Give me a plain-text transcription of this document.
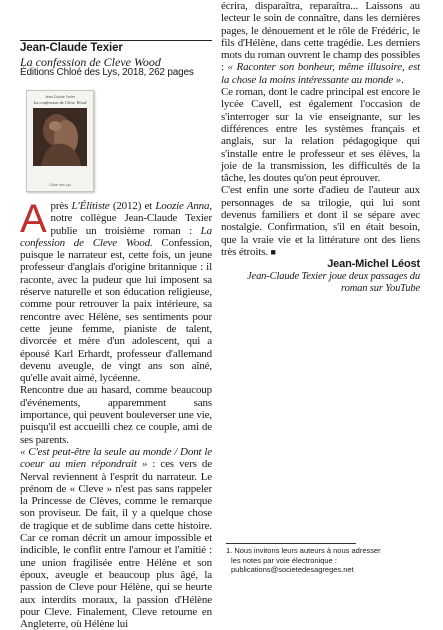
Jean-Claude Texier
La confession de Cleve Wood
Éditions Chloé des Lys, 2018, 262 pages
Jean-Claude Texier
La confession de Cleve Wood
Chloé des Lys

Après L'Élitiste (2012) et Loozie Anna, notre collègue Jean-Claude Texier publie un troisième roman : La confession de Cleve Wood. Confession, puisque le narrateur est, cette fois, un jeune professeur d'anglais d'origine britannique : il raconte, avec la pudeur que lui imposent sa réserve naturelle et son éducation religieuse, comme pour retrouver la paix intérieure, sa rencontre avec Hélène, ses sentiments pour cette jeune femme, pianiste de talent, divorcée et mère d'un adolescent, qui a épousé Karl Erhardt, professeur d'allemand devenu aveugle, de vingt ans son aîné, qu'elle avait aimé, lycéenne.

Rencontre due au hasard, comme beaucoup d'événements, apparemment sans importance, qui peuvent bouleverser une vie, puisqu'il est accueilli chez ce couple, ami de ses parents.

« C'est peut-être la seule au monde / Dont le coeur au mien répondrait » : ces vers de Nerval reviennent à l'esprit du narrateur. Le prénom de « Cleve » n'est pas sans rappeler la Princesse de Clèves, comme le remarque son proviseur. De fait, il y a quelque chose de tragique et de sublime dans cette histoire. Car ce roman décrit un amour impossible et indicible, le conflit entre l'amour et l'amitié : une union fragilisée entre Hélène et son époux, aveugle et beaucoup plus âgé, la passion de Cleve pour Hélène, qui se heurte aux interdits moraux, la passion d'Hélène pour Cleve. Finalement, Cleve retourne en Angleterre, où Hélène lui

écrira, disparaîtra, reparaîtra... Laissons au lecteur le soin de connaître, dans les dernières pages, le dénouement et le rôle de Frédéric, le fils d'Hélène, dans cette tragédie. Les derniers mots du roman ouvrent le champ des possibles : « Raconter son bonheur, même illusoire, est la chose la moins intéressante au monde ».

Ce roman, dont le cadre principal est encore le lycée Cavell, est également l'occasion de s'interroger sur la vie enseignante, sur les différences entre les systèmes français et anglais, sur la relation pédagogique qui s'installe entre le professeur et ses élèves, la joie de la transmission, les difficultés de la tâche, les doutes qu'on peut éprouver.

C'est enfin une sorte d'adieu de l'auteur aux personnages de sa trilogie, qui lui sont devenus familiers et dont il se sépare avec nostalgie. Confirmation, s'il en était besoin, que la vraie vie et la littérature ont des liens très étroits. ■

Jean-Michel Léost

Jean-Claude Texier joue deux passages du roman sur YouTube

1. Nous invitons leurs auteurs à nous adresser
les notes par voie électronique :
publications@societedesagreges.net
